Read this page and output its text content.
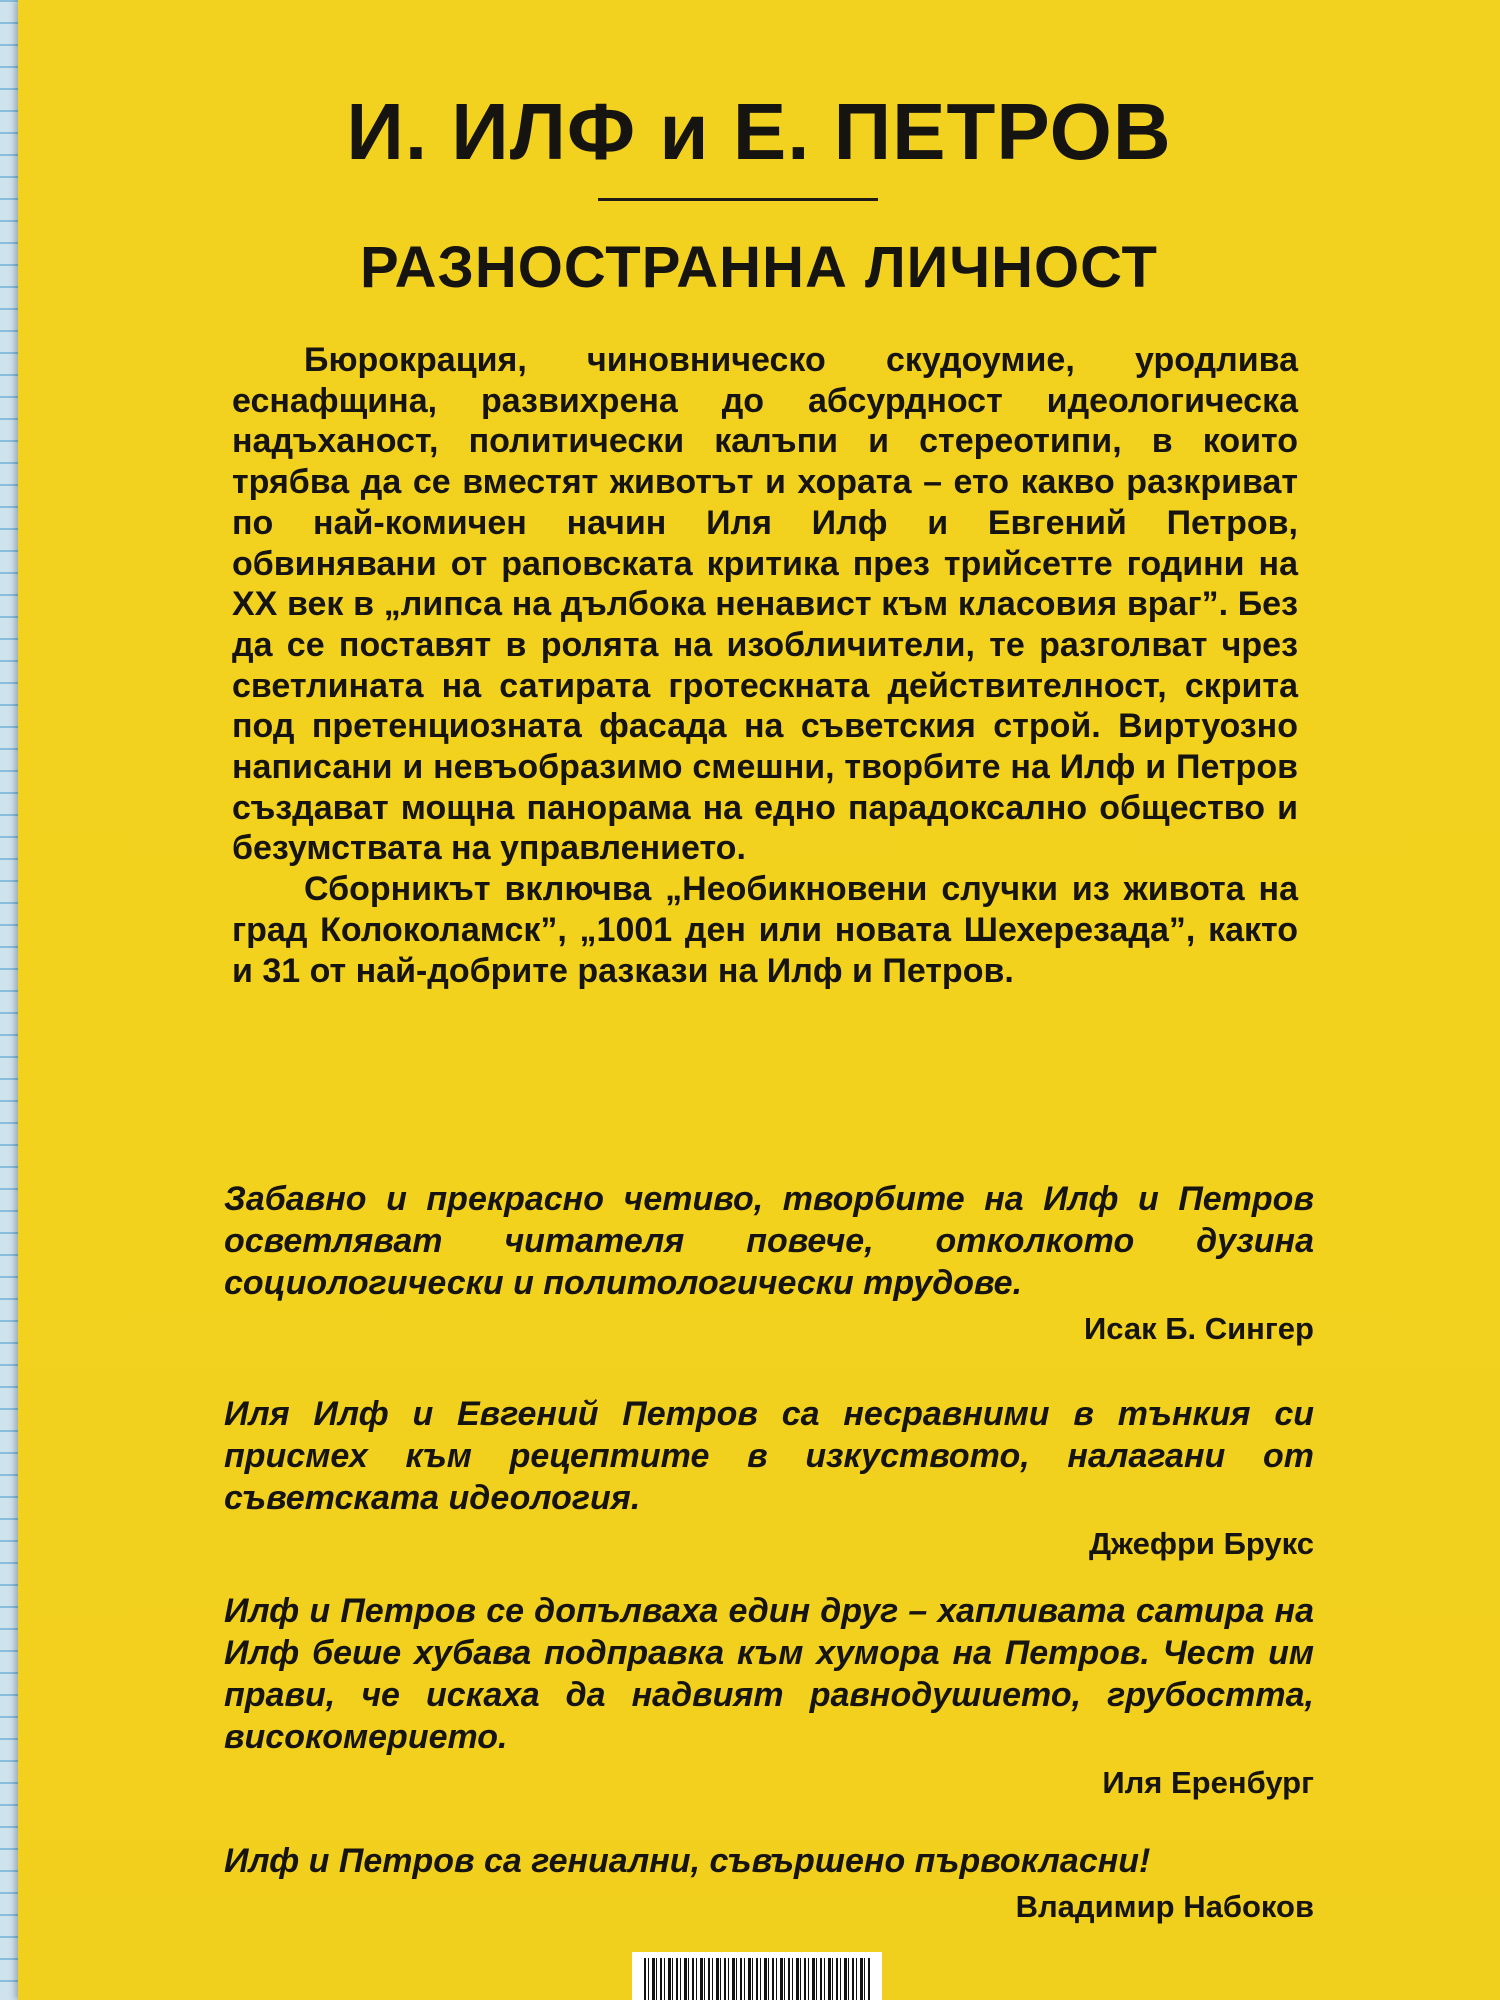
И. ИЛФ и Е. ПЕТРОВ
РАЗНОСТРАННА ЛИЧНОСТ

Бюрокрация, чиновническо скудоумие, уродлива еснафщина, развихрена до абсурдност идеологическа надъханост, политически калъпи и стереотипи, в които трябва да се вместят животът и хората – ето какво разкриват по най-комичен начин Иля Илф и Евгений Петров, обвинявани от раповската критика през трийсетте години на XX век в „липса на дълбока ненавист към класовия враг”. Без да се поставят в ролята на изобличители, те разголват чрез светлината на сатирата гротескната действителност, скрита под претенциозната фасада на съветския строй. Виртуозно написани и невъобразимо смешни, творбите на Илф и Петров създават мощна панорама на едно парадоксално общество и безумствата на управлението.

Сборникът включва „Необикновени случки из живота на град Колоколамск”, „1001 ден или новата Шехерезада”, както и 31 от най-добрите разкази на Илф и Петров.

Забавно и прекрасно четиво, творбите на Илф и Петров осветляват читателя повече, отколкото дузина социологически и политологически трудове.
Исак Б. Сингер
Иля Илф и Евгений Петров са несравними в тънкия си присмех към рецептите в изкуството, налагани от съветската идеология.
Джефри Брукс
Илф и Петров се допълваха един друг – хапливата сатира на Илф беше хубава подправка към хумора на Петров. Чест им прави, че искаха да надвият равнодушието, грубостта, високомерието.
Иля Еренбург
Илф и Петров са гениални, съвършено първокласни!
Владимир Набоков
